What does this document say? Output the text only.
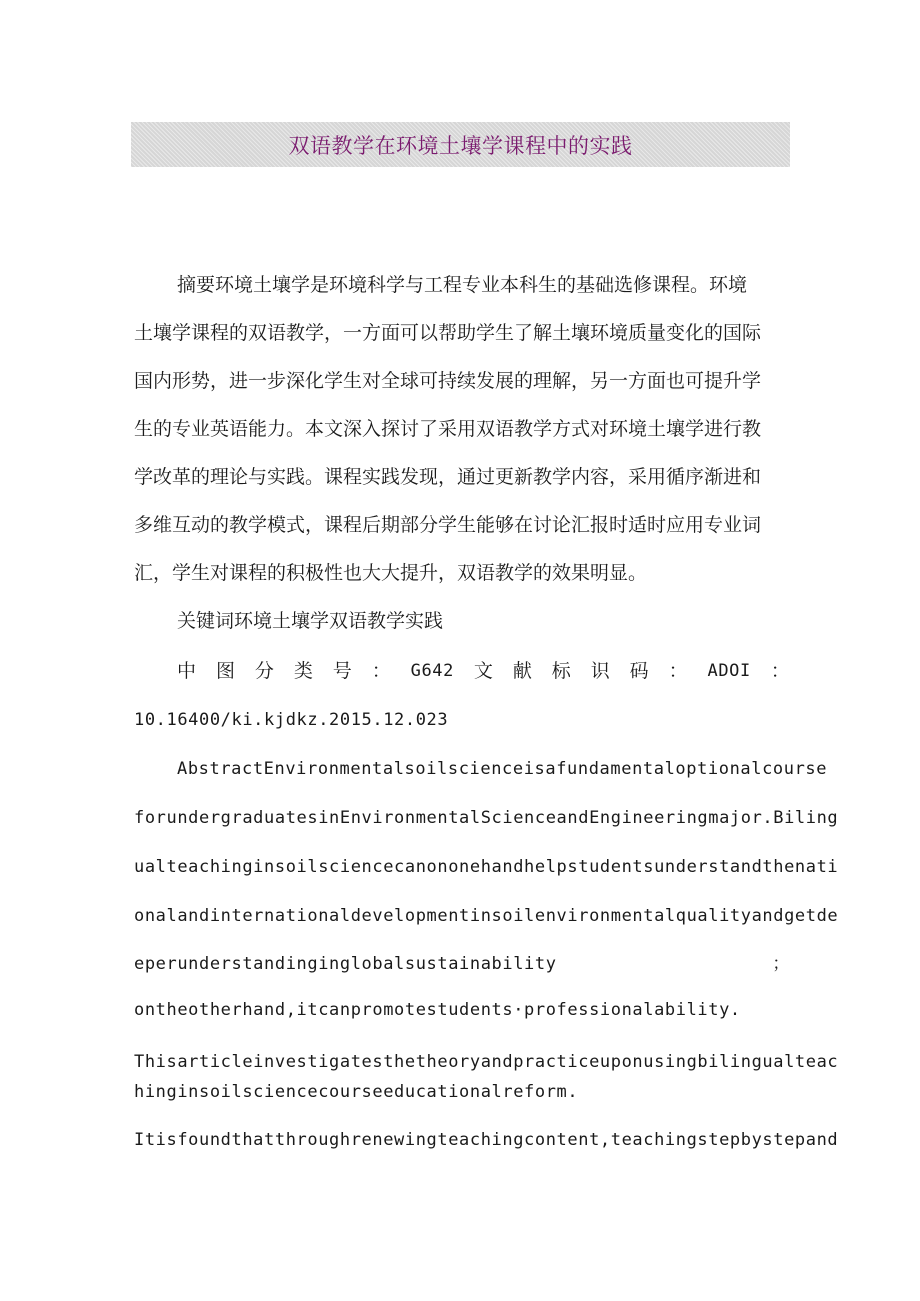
双语教学在环境土壤学课程中的实践
摘要环境土壤学是环境科学与工程专业本科生的基础选修课程。环境
土壤学课程的双语教学，一方面可以帮助学生了解土壤环境质量变化的国际
国内形势，进一步深化学生对全球可持续发展的理解，另一方面也可提升学
生的专业英语能力。本文深入探讨了采用双语教学方式对环境土壤学进行教
学改革的理论与实践。课程实践发现，通过更新教学内容，采用循序渐进和
多维互动的教学模式，课程后期部分学生能够在讨论汇报时适时应用专业词
汇，学生对课程的积极性也大大提升，双语教学的效果明显。
关键词环境土壤学双语教学实践
中 图 分 类 号 ： G642 文 献 标 识 码 ： ADOI ：
10.16400/ki.kjdkz.2015.12.023
AbstractEnvironmentalsoilscienceisafundamentaloptionalcourse
forundergraduatesinEnvironmentalScienceandEngineeringmajor.Biling
ualteachinginsoilsciencecanononehandhelpstudentsunderstandthenati
onalandinternationaldevelopmentinsoilenvironmentalqualityandgetde
eperunderstandinginglobalsustainability	；
ontheotherhand,itcanpromotestudents·professionalability.
Thisarticleinvestigatesthetheoryandpracticeuponusingbilingualteac
hinginsoilsciencecourseeducationalreform.
Itisfoundthatthroughrenewingteachingcontent,teachingstepbystepand
